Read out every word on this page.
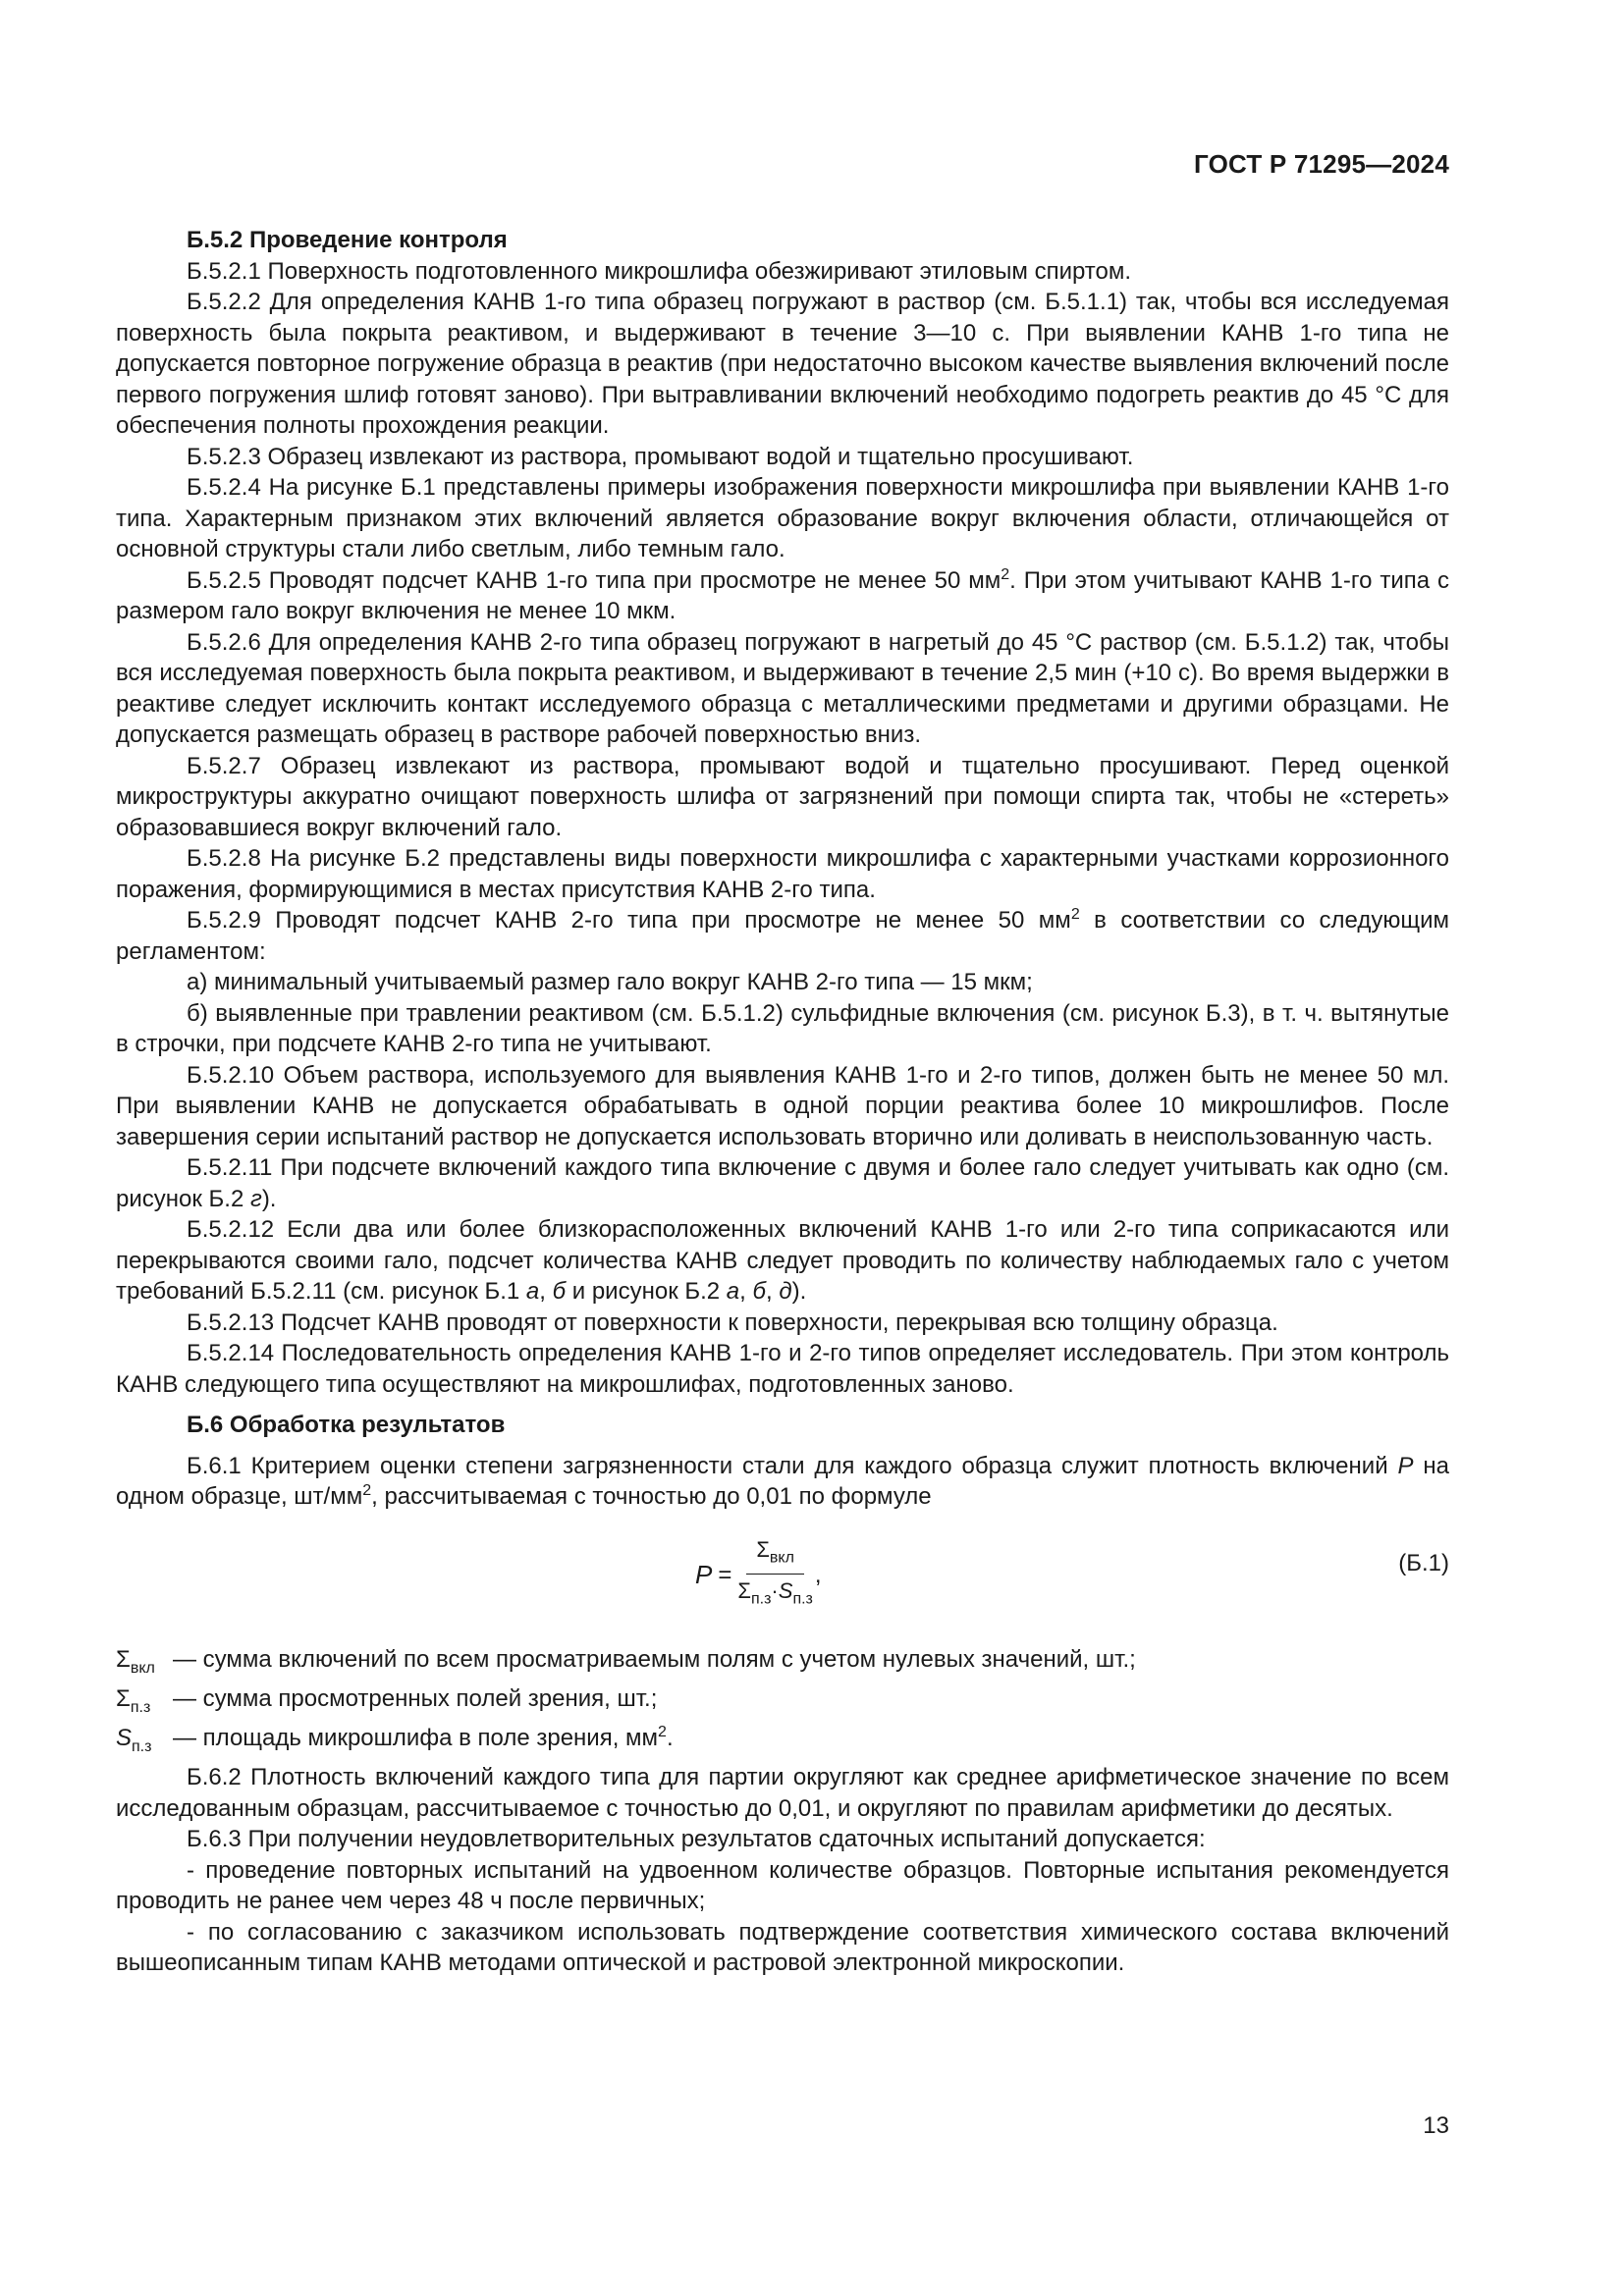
ГОСТ Р 71295—2024
Б.5.2 Проведение контроля

Б.5.2.1 Поверхность подготовленного микрошлифа обезжиривают этиловым спиртом.

Б.5.2.2 Для определения КАНВ 1-го типа образец погружают в раствор (см. Б.5.1.1) так, чтобы вся исследуемая поверхность была покрыта реактивом, и выдерживают в течение 3—10 с. При выявлении КАНВ 1-го типа не допускается повторное погружение образца в реактив (при недостаточно высоком качестве выявления включений после первого погружения шлиф готовят заново). При вытравливании включений необходимо подогреть реактив до 45 °С для обеспечения полноты прохождения реакции.

Б.5.2.3 Образец извлекают из раствора, промывают водой и тщательно просушивают.

Б.5.2.4 На рисунке Б.1 представлены примеры изображения поверхности микрошлифа при выявлении КАНВ 1-го типа. Характерным признаком этих включений является образование вокруг включения области, отличающейся от основной структуры стали либо светлым, либо темным гало.

Б.5.2.5 Проводят подсчет КАНВ 1-го типа при просмотре не менее 50 $мм^2$. При этом учитывают КАНВ 1-го типа с размером гало вокруг включения не менее 10 мкм.

Б.5.2.6 Для определения КАНВ 2-го типа образец погружают в нагретый до 45 °С раствор (см. Б.5.1.2) так, чтобы вся исследуемая поверхность была покрыта реактивом, и выдерживают в течение 2,5 мин (+10 с). Во время выдержки в реактиве следует исключить контакт исследуемого образца с металлическими предметами и другими образцами. Не допускается размещать образец в растворе рабочей поверхностью вниз.

Б.5.2.7 Образец извлекают из раствора, промывают водой и тщательно просушивают. Перед оценкой микроструктуры аккуратно очищают поверхность шлифа от загрязнений при помощи спирта так, чтобы не «стереть» образовавшиеся вокруг включений гало.

Б.5.2.8 На рисунке Б.2 представлены виды поверхности микрошлифа с характерными участками коррозионного поражения, формирующимися в местах присутствия КАНВ 2-го типа.

Б.5.2.9 Проводят подсчет КАНВ 2-го типа при просмотре не менее 50 $мм^2$ в соответствии со следующим регламентом:

а) минимальный учитываемый размер гало вокруг КАНВ 2-го типа — 15 мкм;

б) выявленные при травлении реактивом (см. Б.5.1.2) сульфидные включения (см. рисунок Б.3), в т. ч. вытянутые в строчки, при подсчете КАНВ 2-го типа не учитывают.

Б.5.2.10 Объем раствора, используемого для выявления КАНВ 1-го и 2-го типов, должен быть не менее 50 мл. При выявлении КАНВ не допускается обрабатывать в одной порции реактива более 10 микрошлифов. После завершения серии испытаний раствор не допускается использовать вторично или доливать в неиспользованную часть.

Б.5.2.11 При подсчете включений каждого типа включение с двумя и более гало следует учитывать как одно (см. рисунок Б.2 г).

Б.5.2.12 Если два или более близкорасположенных включений КАНВ 1-го или 2-го типа соприкасаются или перекрываются своими гало, подсчет количества КАНВ следует проводить по количеству наблюдаемых гало с учетом требований Б.5.2.11 (см. рисунок Б.1 а, б и рисунок Б.2 а, б, д).

Б.5.2.13 Подсчет КАНВ проводят от поверхности к поверхности, перекрывая всю толщину образца.

Б.5.2.14 Последовательность определения КАНВ 1-го и 2-го типов определяет исследователь. При этом контроль КАНВ следующего типа осуществляют на микрошлифах, подготовленных заново.

Б.6 Обработка результатов

Б.6.1 Критерием оценки степени загрязненности стали для каждого образца служит плотность включений Р на одном образце, $шт/мм^2$, рассчитываемая с точностью до 0,01 по формуле

$Р = \frac{\Sigma_{вкл}}{\Sigma_{п.з}\cdot S_{п.з}}$ ,	(Б.1)

$\Sigma_{вкл}$ — сумма включений по всем просматриваемым полям с учетом нулевых значений, шт.;

$\Sigma_{п.з}$ — сумма просмотренных полей зрения, шт.;

$S_{п.з}$ — площадь микрошлифа в поле зрения, $мм^2$.

Б.6.2 Плотность включений каждого типа для партии округляют как среднее арифметическое значение по всем исследованным образцам, рассчитываемое с точностью до 0,01, и округляют по правилам арифметики до десятых.

Б.6.3 При получении неудовлетворительных результатов сдаточных испытаний допускается:

- проведение повторных испытаний на удвоенном количестве образцов. Повторные испытания рекомендуется проводить не ранее чем через 48 ч после первичных;

- по согласованию с заказчиком использовать подтверждение соответствия химического состава включений вышеописанным типам КАНВ методами оптической и растровой электронной микроскопии.

13
